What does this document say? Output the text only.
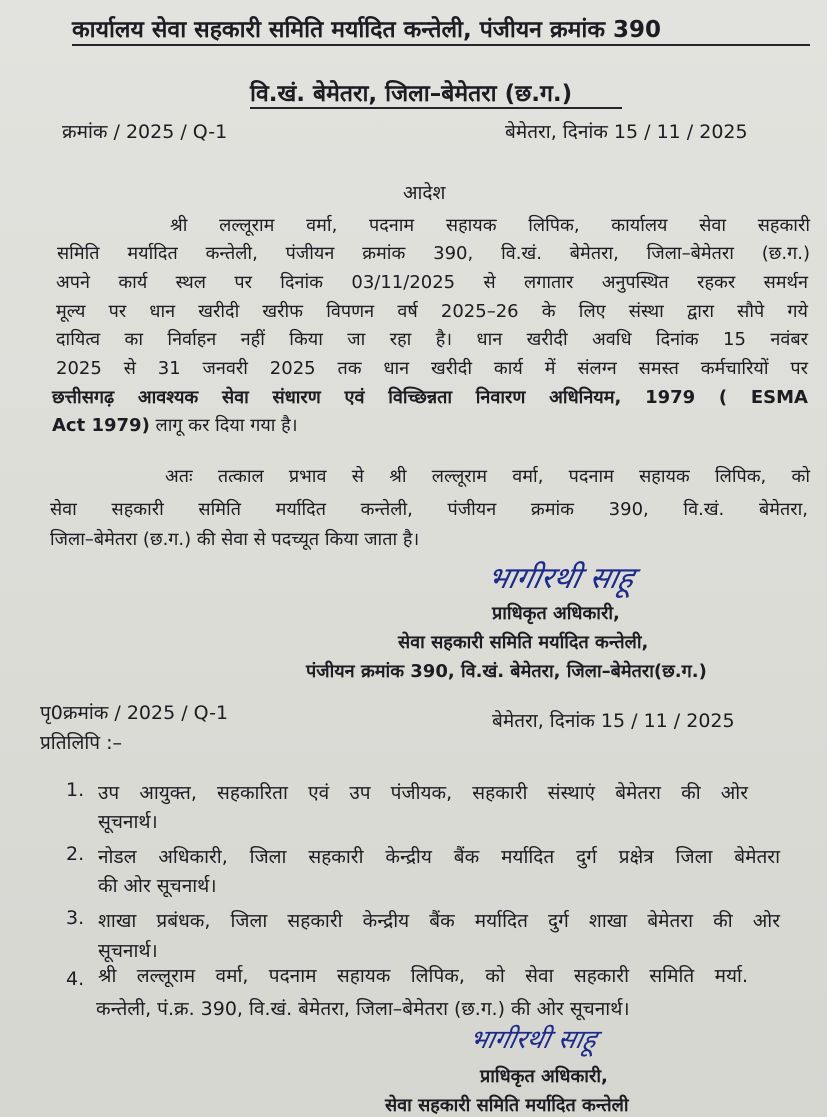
कार्यालय सेवा सहकारी समिति मर्यादित कन्तेली, पंजीयन क्रमांक 390
वि.खं. बेमेतरा, जिला–बेमेतरा (छ.ग.)
क्रमांक / 2025 / Q-1	बेमेतरा, दिनांक 15 / 11 / 2025
आदेश
श्री लल्लूराम वर्मा, पदनाम सहायक लिपिक, कार्यालय सेवा सहकारी
समिति मर्यादित कन्तेली, पंजीयन क्रमांक 390, वि.खं. बेमेतरा, जिला–बेमेतरा (छ.ग.)
अपने कार्य स्थल पर दिनांक 03/11/2025 से लगातार अनुपस्थित रहकर समर्थन
मूल्य पर धान खरीदी खरीफ विपणन वर्ष 2025–26 के लिए संस्था द्वारा सौपे गये
दायित्व का निर्वाहन नहीं किया जा रहा है। धान खरीदी अवधि दिनांक 15 नवंबर
2025 से 31 जनवरी 2025 तक धान खरीदी कार्य में संलग्न समस्त कर्मचारियों पर
छत्तीसगढ़ आवश्यक सेवा संधारण एवं विच्छिन्नता निवारण अधिनियम, 1979 ( ESMA
Act 1979) लागू कर दिया गया है।
अतः तत्काल प्रभाव से श्री लल्लूराम वर्मा, पदनाम सहायक लिपिक, को
सेवा सहकारी समिति मर्यादित कन्तेली, पंजीयन क्रमांक 390, वि.खं. बेमेतरा,
जिला–बेमेतरा (छ.ग.) की सेवा से पदच्यूत किया जाता है।
भागीरथी साहू
प्राधिकृत अधिकारी,
सेवा सहकारी समिति मर्यादित कन्तेली,
पंजीयन क्रमांक 390, वि.खं. बेमेतरा, जिला–बेमेतरा(छ.ग.)
पृ0क्रमांक / 2025 / Q-1	बेमेतरा, दिनांक 15 / 11 / 2025
प्रतिलिपि :–
1. उप आयुक्त, सहकारिता एवं उप पंजीयक, सहकारी संस्थाएं बेमेतरा की ओर
सूचनार्थ।
2. नोडल अधिकारी, जिला सहकारी केन्द्रीय बैंक मर्यादित दुर्ग प्रक्षेत्र जिला बेमेतरा
की ओर सूचनार्थ।
3. शाखा प्रबंधक, जिला सहकारी केन्द्रीय बैंक मर्यादित दुर्ग शाखा बेमेतरा की ओर
सूचनार्थ।
4. श्री लल्लूराम वर्मा, पदनाम सहायक लिपिक, को सेवा सहकारी समिति मर्या.
कन्तेली, पं.क्र. 390, वि.खं. बेमेतरा, जिला–बेमेतरा (छ.ग.) की ओर सूचनार्थ।
भागीरथी साहू
प्राधिकृत अधिकारी,
सेवा सहकारी समिति मर्यादित कन्तेली
